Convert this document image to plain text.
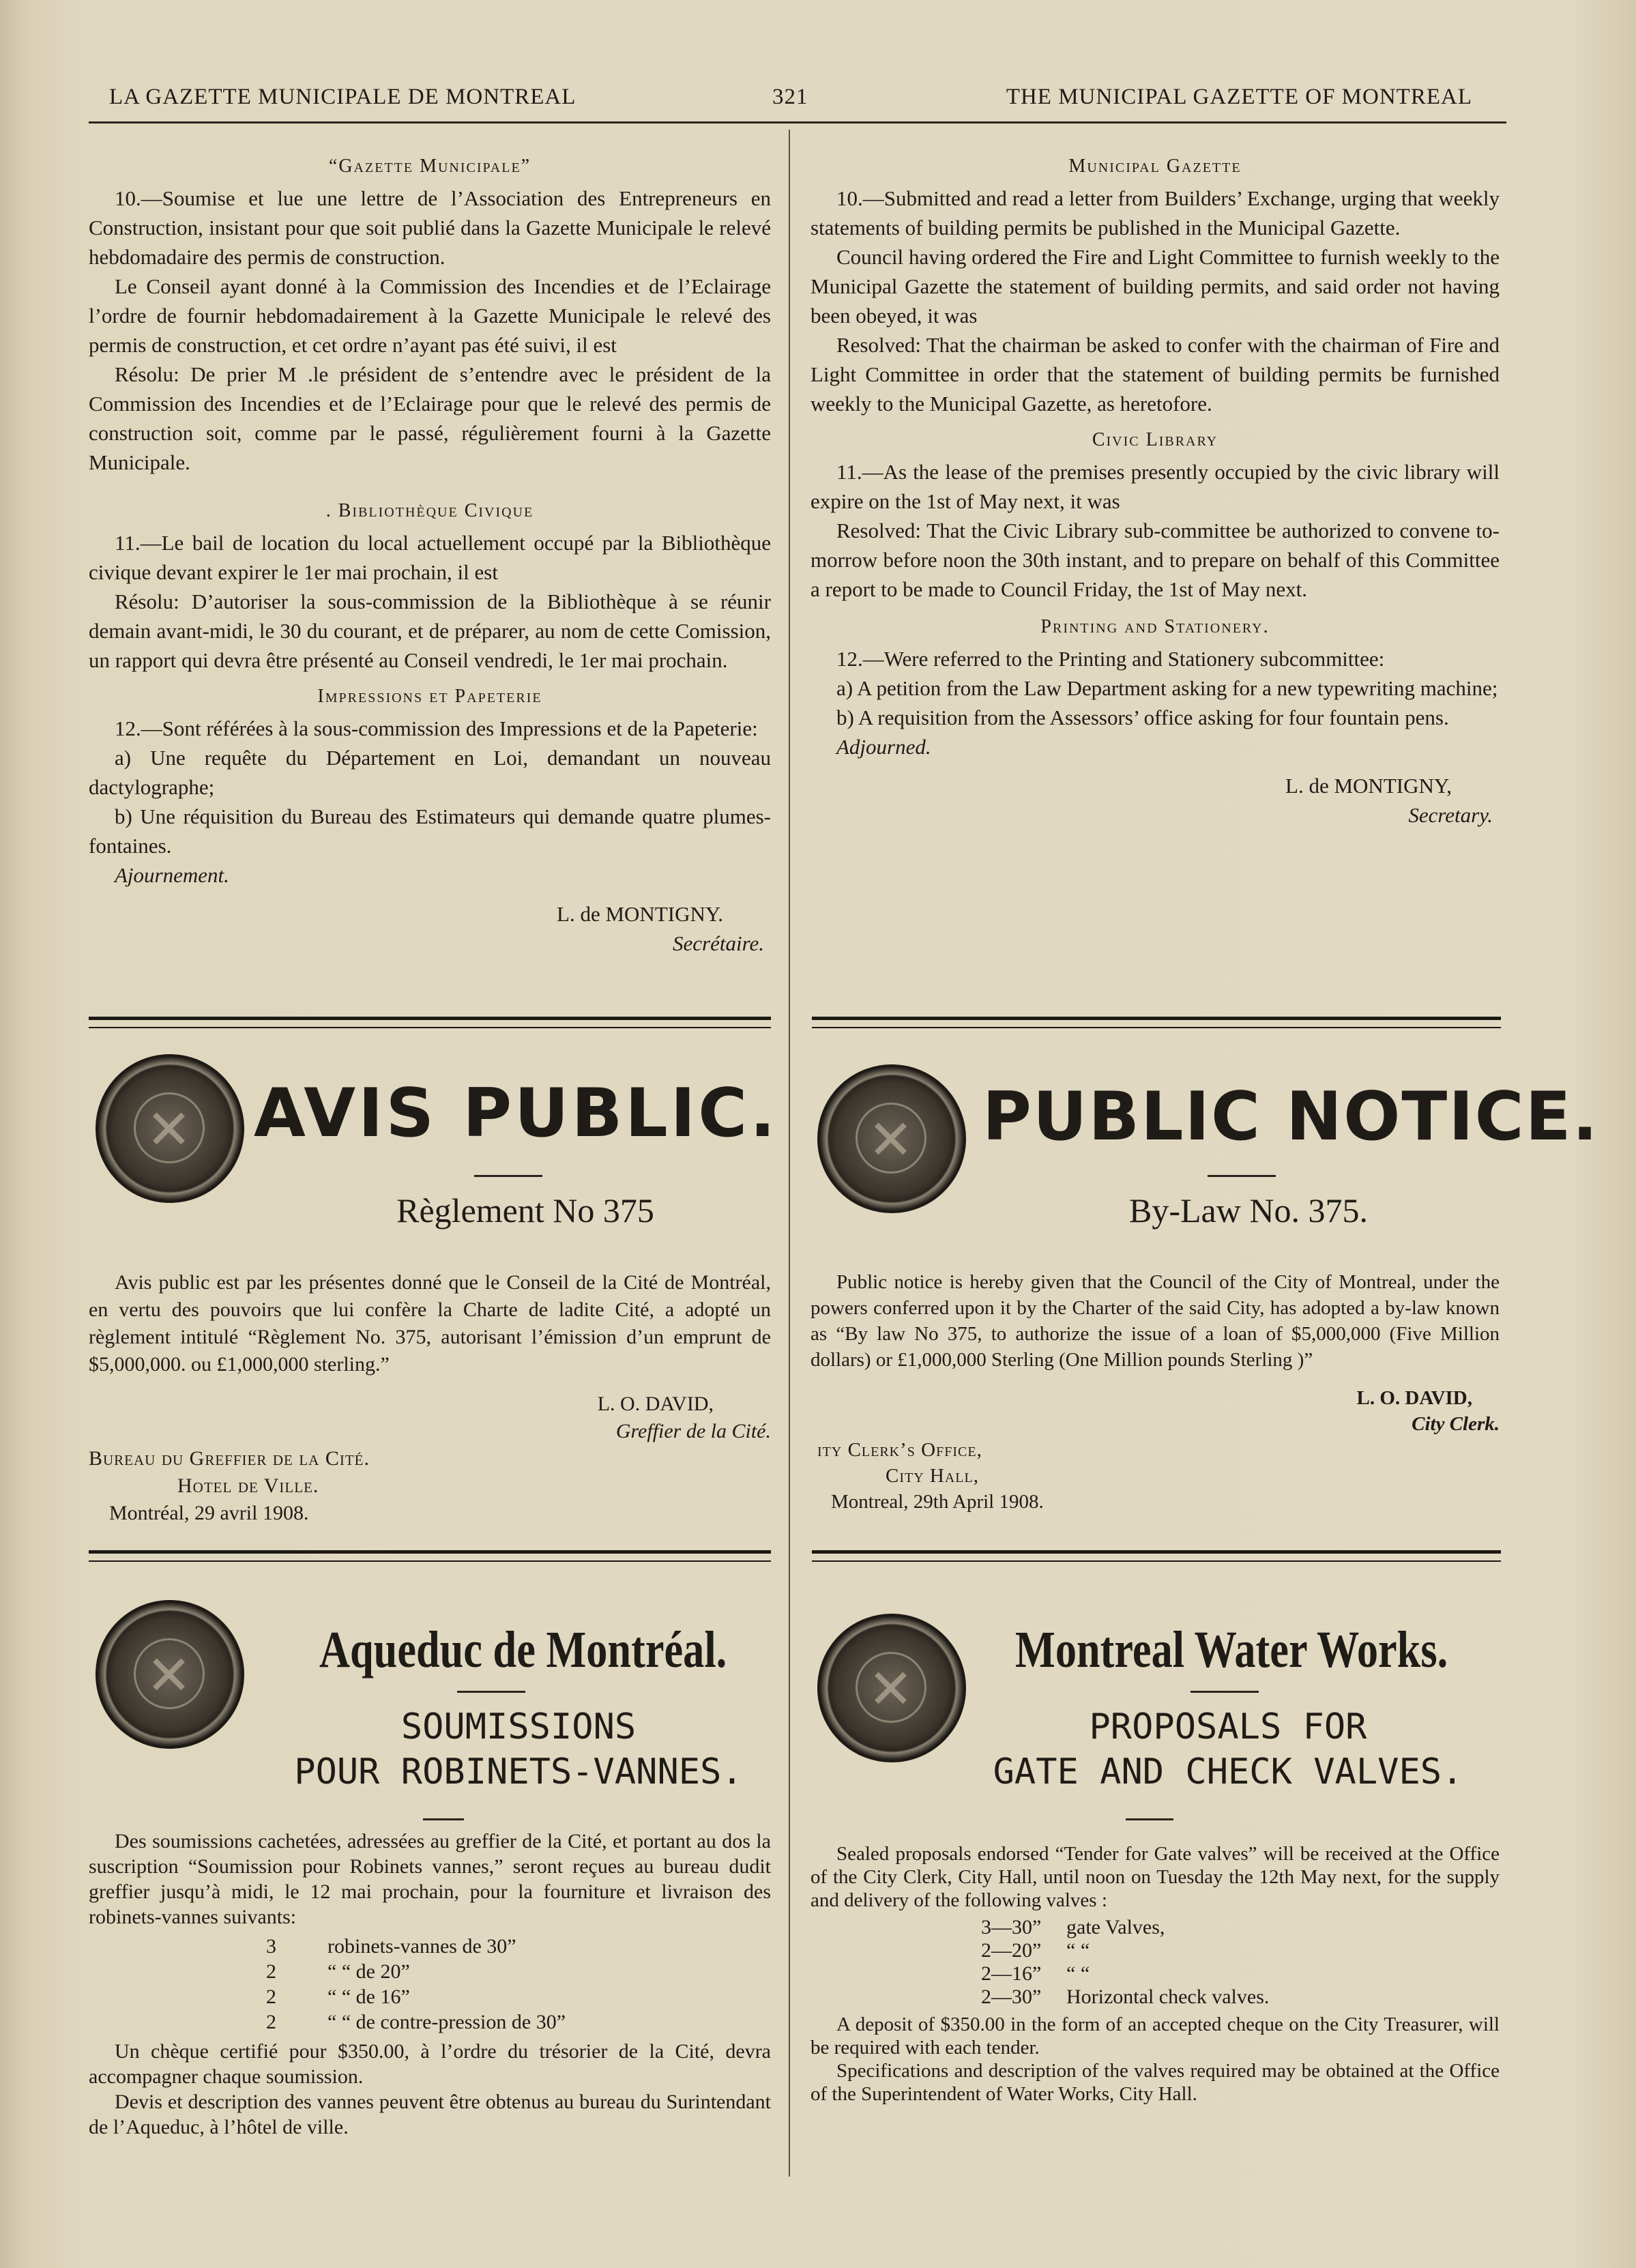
LA GAZETTE MUNICIPALE DE MONTREAL	321	THE MUNICIPAL GAZETTE OF MONTREAL
“Gazette Municipale”

10.—Soumise et lue une lettre de l’Association des Entrepreneurs en Construction, insistant pour que soit publié dans la Gazette Municipale le relevé hebdomadaire des permis de construction.

Le Conseil ayant donné à la Commission des Incendies et de l’Eclairage l’ordre de fournir hebdomadairement à la Gazette Municipale le relevé des permis de construction, et cet ordre n’ayant pas été suivi, il est

Résolu: De prier M .le président de s’entendre avec le président de la Commission des Incendies et de l’Eclairage pour que le relevé des permis de construction soit, comme par le passé, régulièrement fourni à la Gazette Municipale.

. Bibliothèque Civique

11.—Le bail de location du local actuellement occupé par la Bibliothèque civique devant expirer le 1er mai prochain, il est

Résolu: D’autoriser la sous-commission de la Bibliothèque à se réunir demain avant-midi, le 30 du courant, et de préparer, au nom de cette Comission, un rapport qui devra être présenté au Conseil vendredi, le 1er mai prochain.

Impressions et Papeterie

12.—Sont référées à la sous-commission des Impressions et de la Papeterie:

a) Une requête du Département en Loi, demandant un nouveau dactylographe;

b) Une réquisition du Bureau des Estimateurs qui demande quatre plumes-fontaines.

Ajournement.
L. de MONTIGNY.
Secrétaire.
Municipal Gazette

10.—Submitted and read a letter from Builders’ Exchange, urging that weekly statements of building permits be published in the Municipal Gazette.

Council having ordered the Fire and Light Committee to furnish weekly to the Municipal Gazette the statement of building permits, and said order not having been obeyed, it was

Resolved: That the chairman be asked to confer with the chairman of Fire and Light Committee in order that the statement of building permits be furnished weekly to the Municipal Gazette, as heretofore.

Civic Library

11.—As the lease of the premises presently occupied by the civic library will expire on the 1st of May next, it was

Resolved: That the Civic Library sub-committee be authorized to convene to-morrow before noon the 30th instant, and to prepare on behalf of this Committee a report to be made to Council Friday, the 1st of May next.

Printing and Stationery.

12.—Were referred to the Printing and Stationery subcommittee:

a) A petition from the Law Department asking for a new typewriting machine;

b) A requisition from the Assessors’ office asking for four fountain pens.

Adjourned.
L. de MONTIGNY,
Secretary.
✕ AVIS PUBLIC.
Règlement No 375

Avis public est par les présentes donné que le Conseil de la Cité de Montréal, en vertu des pouvoirs que lui confère la Charte de ladite Cité, a adopté un règlement intitulé “Règlement No. 375, autorisant l’émission d’un emprunt de $5,000,000. ou £1,000,000 sterling.”

L. O. DAVID,
Greffier de la Cité.
Bureau du Greffier de la Cité.
Hotel de Ville.
Montréal, 29 avril 1908.
✕ PUBLIC NOTICE.
By-Law No. 375.

Public notice is hereby given that the Council of the City of Montreal, under the powers conferred upon it by the Charter of the said City, has adopted a by-law known as “By law No 375, to authorize the issue of a loan of $5,000,000 (Five Million dollars) or £1,000,000 Sterling (One Million pounds Sterling )”

L. O. DAVID,
City Clerk.
ity Clerk’s Office,
City Hall,
Montreal, 29th April 1908.
✕ Aqueduc de Montréal.
SOUMISSIONS
POUR ROBINETS-VANNES.

Des soumissions cachetées, adressées au greffier de la Cité, et portant au dos la suscription “Soumission pour Robinets vannes,” seront reçues au bureau dudit greffier jusqu’à midi, le 12 mai prochain, pour la fourniture et livraison des robinets-vannes suivants:

3	robinets-vannes de 30”
2	“ “ de 20”
2	“ “ de 16”
2	“ “ de contre-pression de 30”

Un chèque certifié pour $350.00, à l’ordre du trésorier de la Cité, devra accompagner chaque soumission.

Devis et description des vannes peuvent être obtenus au bureau du Surintendant de l’Aqueduc, à l’hôtel de ville.

✕
Montreal Water Works.
PROPOSALS FOR
GATE AND CHECK VALVES.

Sealed proposals endorsed “Tender for Gate valves” will be received at the Office of the City Clerk, City Hall, until noon on Tuesday the 12th May next, for the supply and delivery of the following valves :

3—30”	gate Valves,
2—20”	“ “
2—16”	“ “
2—30”	Horizontal check valves.

A deposit of $350.00 in the form of an accepted cheque on the City Treasurer, will be required with each tender.

Specifications and description of the valves required may be obtained at the Office of the Superintendent of Water Works, City Hall.
